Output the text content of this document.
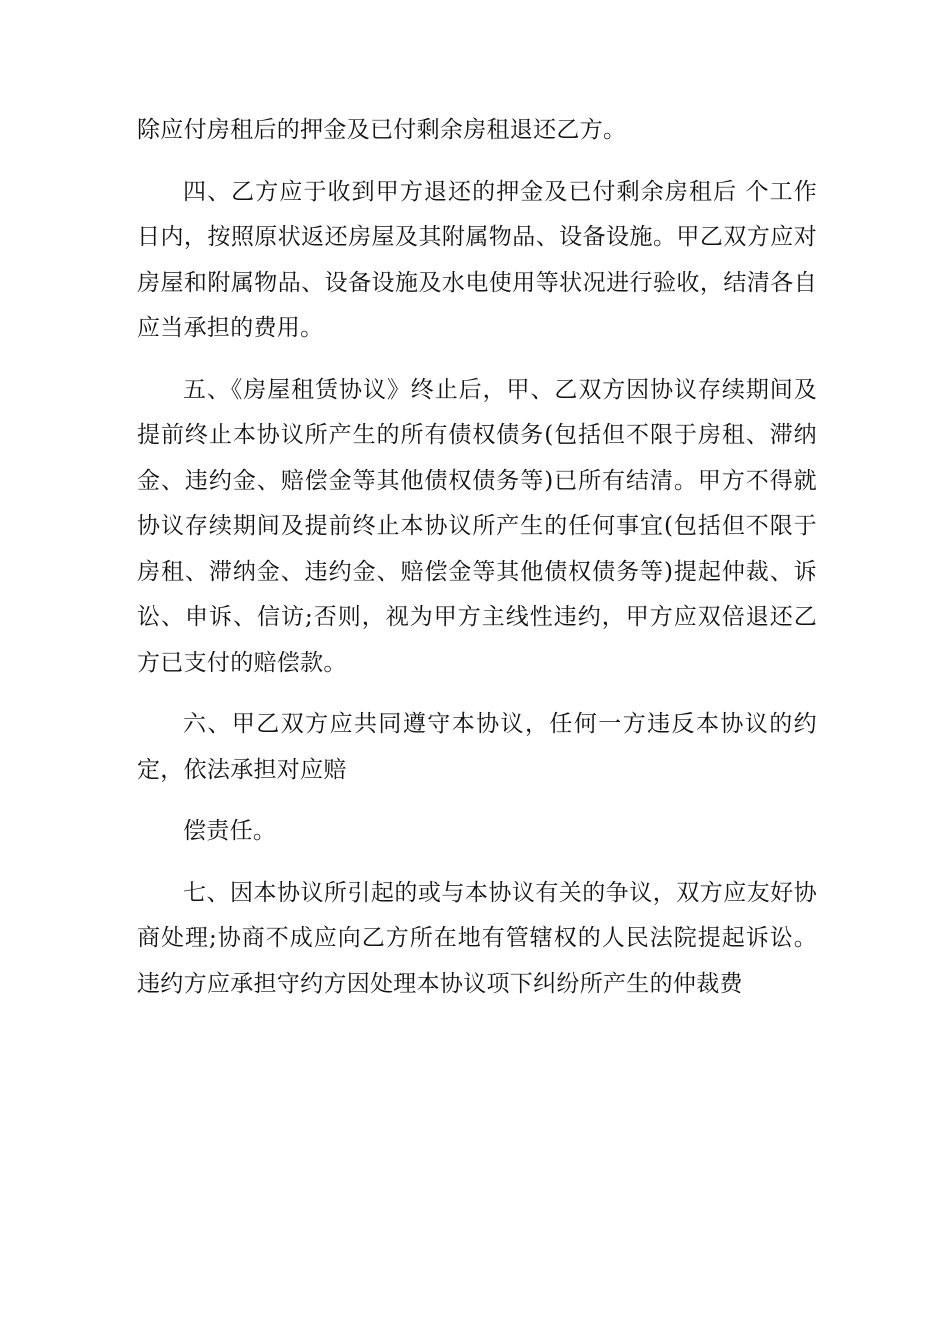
除应付房租后的押金及已付剩余房租退还乙方。

四、乙方应于收到甲方退还的押金及已付剩余房租后 个工作日内，按照原状返还房屋及其附属物品、设备设施。甲乙双方应对房屋和附属物品、设备设施及水电使用等状况进行验收，结清各自应当承担的费用。

五、《房屋租赁协议》终止后，甲、乙双方因协议存续期间及提前终止本协议所产生的所有债权债务(包括但不限于房租、滞纳金、违约金、赔偿金等其他债权债务等)已所有结清。甲方不得就协议存续期间及提前终止本协议所产生的任何事宜(包括但不限于房租、滞纳金、违约金、赔偿金等其他债权债务等)提起仲裁、诉讼、申诉、信访;否则，视为甲方主线性违约，甲方应双倍退还乙方已支付的赔偿款。

六、甲乙双方应共同遵守本协议，任何一方违反本协议的约定，依法承担对应赔

偿责任。

七、因本协议所引起的或与本协议有关的争议，双方应友好协商处理;协商不成应向乙方所在地有管辖权的人民法院提起诉讼。违约方应承担守约方因处理本协议项下纠纷所产生的仲裁费
